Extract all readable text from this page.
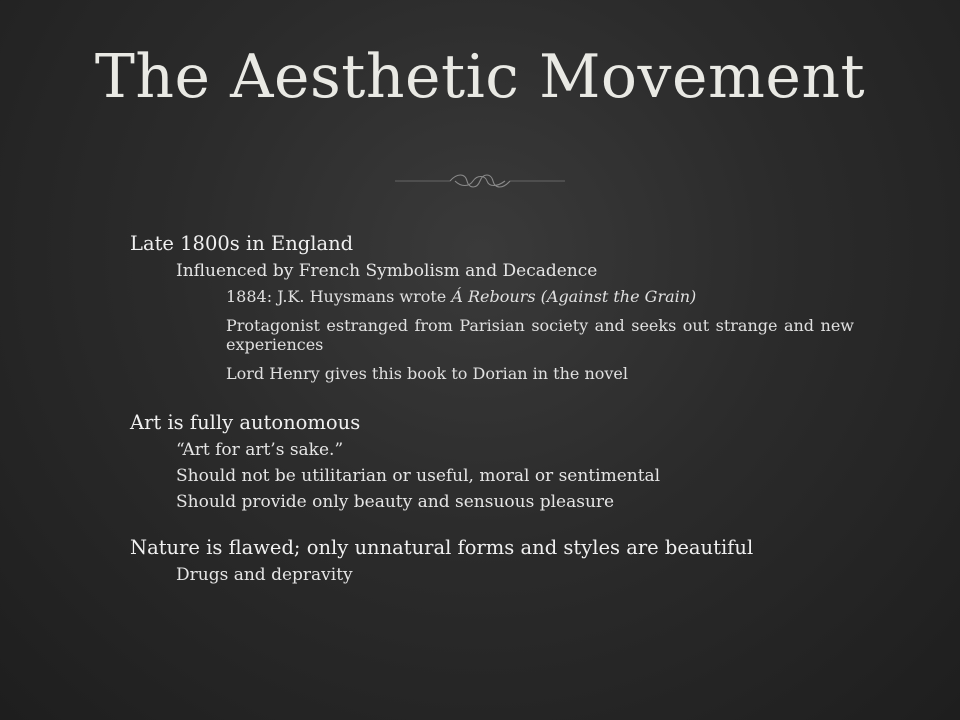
The Aesthetic Movement
Late 1800s in England
Influenced by French Symbolism and Decadence
1884: J.K. Huysmans wrote Á Rebours (Against the Grain)
Protagonist estranged from Parisian society and seeks out strange and new experiences
Lord Henry gives this book to Dorian in the novel
Art is fully autonomous
“Art for art’s sake.”
Should not be utilitarian or useful, moral or sentimental
Should provide only beauty and sensuous pleasure
Nature is flawed; only unnatural forms and styles are beautiful
Drugs and depravity
